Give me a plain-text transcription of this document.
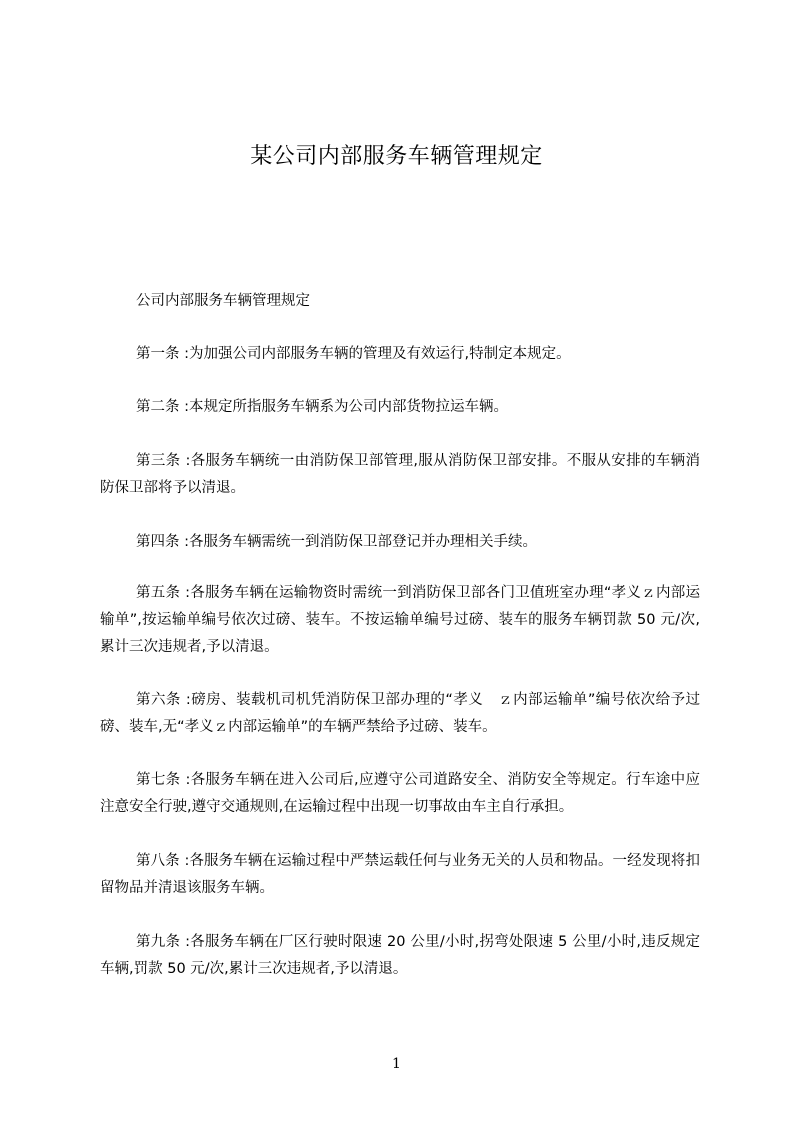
某公司内部服务车辆管理规定

公司内部服务车辆管理规定

第一条 :为加强公司内部服务车辆的管理及有效运行,特制定本规定。

第二条 :本规定所指服务车辆系为公司内部货物拉运车辆。

第三条 :各服务车辆统一由消防保卫部管理,服从消防保卫部安排。不服从安排的车辆消防保卫部将予以清退。

第四条 :各服务车辆需统一到消防保卫部登记并办理相关手续。

第五条 :各服务车辆在运输物资时需统一到消防保卫部各门卫值班室办理“孝义ｚ内部运输单”,按运输单编号依次过磅、装车。不按运输单编号过磅、装车的服务车辆罚款 50 元/次,累计三次违规者,予以清退。

第六条 :磅房、装载机司机凭消防保卫部办理的“孝义　ｚ内部运输单”编号依次给予过磅、装车,无“孝义ｚ内部运输单”的车辆严禁给予过磅、装车。

第七条 :各服务车辆在进入公司后,应遵守公司道路安全、消防安全等规定。行车途中应注意安全行驶,遵守交通规则,在运输过程中出现一切事故由车主自行承担。

第八条 :各服务车辆在运输过程中严禁运载任何与业务无关的人员和物品。一经发现将扣留物品并清退该服务车辆。

第九条 :各服务车辆在厂区行驶时限速 20 公里/小时,拐弯处限速 5 公里/小时,违反规定车辆,罚款 50 元/次,累计三次违规者,予以清退。

1
